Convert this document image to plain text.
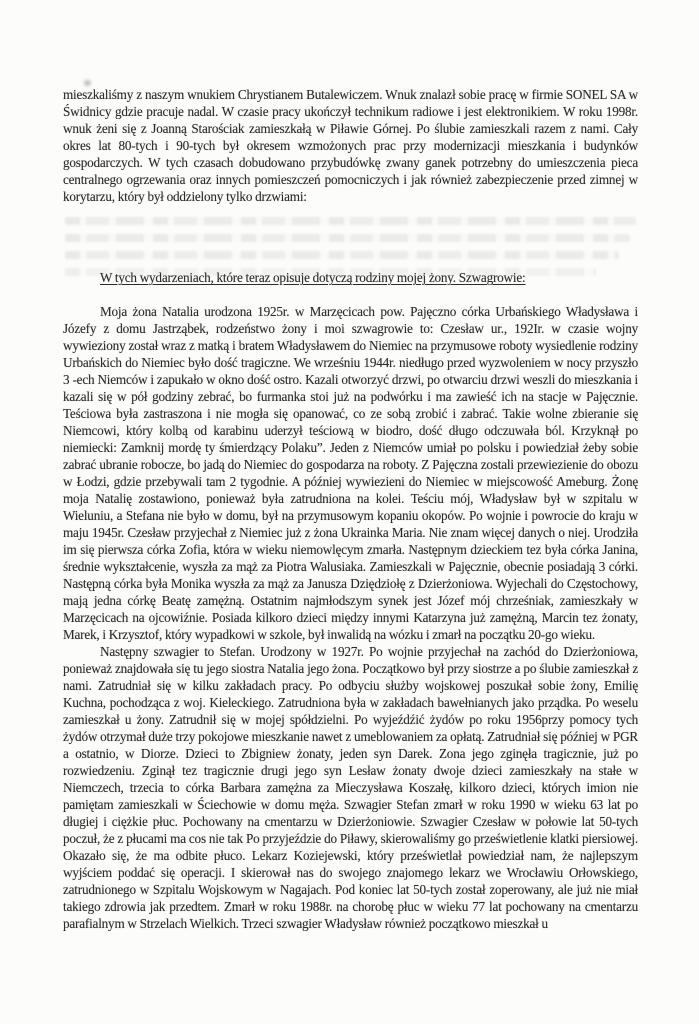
mieszkaliśmy z naszym wnukiem Chrystianem Butalewiczem. Wnuk znalazł sobie pracę w firmie SONEL SA w Świdnicy gdzie pracuje nadal. W czasie pracy ukończył technikum radiowe i jest elektronikiem. W roku 1998r. wnuk żeni się z Joanną Starościak zamieszkałą w Piławie Górnej. Po ślubie zamieszkali razem z nami. Cały okres lat 80-tych i 90-tych był okresem wzmożonych prac przy modernizacji mieszkania i budynków gospodarczych. W tych czasach dobudowano przybudówkę zwany ganek potrzebny do umieszczenia pieca centralnego ogrzewania oraz innych pomieszczeń pomocniczych i jak również zabezpieczenie przed zimnej w korytarzu, który był oddzielony tylko drzwiami:
W tych wydarzeniach, które teraz opisuje dotyczą rodziny mojej żony. Szwagrowie:

Moja żona Natalia urodzona 1925r. w Marzęcicach pow. Pajęczno córka Urbańskiego Władysława i Józefy z domu Jastrząbek, rodzeństwo żony i moi szwagrowie to: Czesław ur., 192Ir. w czasie wojny wywieziony został wraz z matką i bratem Władysławem do Niemiec na przymusowe roboty wysiedlenie rodziny Urbańskich do Niemiec było dość tragiczne. We wrześniu 1944r. niedługo przed wyzwoleniem w nocy przyszło 3 -ech Niemców i zapukało w okno dość ostro. Kazali otworzyć drzwi, po otwarciu drzwi weszli do mieszkania i kazali się w pół godziny zebrać, bo furmanka stoi już na podwórku i ma zawieść ich na stacje w Pajęcznie. Teściowa była zastraszona i nie mogła się opanować, co ze sobą zrobić i zabrać. Takie wolne zbieranie się Niemcowi, który kolbą od karabinu uderzył teściową w biodro, dość długo odczuwała ból. Krzyknął po niemiecki: Zamknij mordę ty śmierdzący Polaku”. Jeden z Niemców umiał po polsku i powiedział żeby sobie zabrać ubranie robocze, bo jadą do Niemiec do gospodarza na roboty. Z Pajęczna zostali przewiezienie do obozu w Łodzi, gdzie przebywali tam 2 tygodnie. A później wywiezieni do Niemiec w miejscowość Ameburg. Żonę moja Natalię zostawiono, ponieważ była zatrudniona na kolei. Teściu mój, Władysław był w szpitalu w Wieluniu, a Stefana nie było w domu, był na przymusowym kopaniu okopów. Po wojnie i powrocie do kraju w maju 1945r. Czesław przyjechał z Niemiec już z żona Ukrainka Maria. Nie znam więcej danych o niej. Urodziła im się pierwsza córka Zofia, która w wieku niemowlęcym zmarła. Następnym dzieckiem tez była córka Janina, średnie wykształcenie, wyszła za mąż za Piotra Walusiaka. Zamieszkali w Pajęcznie, obecnie posiadają 3 córki. Następną córka była Monika wyszła za mąż za Janusza Dziędziołę z Dzierżoniowa. Wyjechali do Częstochowy, mają jedna córkę Beatę zamężną. Ostatnim najmłodszym synek jest Józef mój chrześniak, zamieszkały w Marzęcicach na ojcowiźnie. Posiada kilkoro dzieci między innymi Katarzyna już zamężną, Marcin tez żonaty, Marek, i Krzysztof, który wypadkowi w szkole, był inwalidą na wózku i zmarł na początku 20-go wieku.

Następny szwagier to Stefan. Urodzony w 1927r. Po wojnie przyjechał na zachód do Dzierżoniowa, ponieważ znajdowała się tu jego siostra Natalia jego żona. Początkowo był przy siostrze a po ślubie zamieszkał z nami. Zatrudniał się w kilku zakładach pracy. Po odbyciu służby wojskowej poszukał sobie żony, Emilię Kuchna, pochodząca z woj. Kieleckiego. Zatrudniona była w zakładach bawełnianych jako prządka. Po weselu zamieszkał u żony. Zatrudnił się w mojej spółdzielni. Po wyjeźdźić żydów po roku 1956przy pomocy tych żydów otrzymał duże trzy pokojowe mieszkanie nawet z umeblowaniem za opłatą. Zatrudniał się później w PGR a ostatnio, w Diorze. Dzieci to Zbigniew żonaty, jeden syn Darek. Zona jego zginęła tragicznie, już po rozwiedzeniu. Zginął tez tragicznie drugi jego syn Lesław żonaty dwoje dzieci zamieszkały na stałe w Niemczech, trzecia to córka Barbara zamężna za Mieczysława Koszałę, kilkoro dzieci, których imion nie pamiętam zamieszkali w Ściechowie w domu męża. Szwagier Stefan zmarł w roku 1990 w wieku 63 lat po długiej i ciężkie płuc. Pochowany na cmentarzu w Dzierżoniowie. Szwagier Czesław w połowie lat 50-tych poczuł, że z płucami ma cos nie tak Po przyjeździe do Piławy, skierowaliśmy go prześwietlenie klatki piersiowej. Okazało się, że ma odbite płuco. Lekarz Koziejewski, który prześwietlał powiedział nam, że najlepszym wyjściem poddać się operacji. I skierował nas do swojego znajomego lekarz we Wrocławiu Orłowskiego, zatrudnionego w Szpitalu Wojskowym w Nagajach. Pod koniec lat 50-tych został zoperowany, ale już nie miał takiego zdrowia jak przedtem. Zmarł w roku 1988r. na chorobę płuc w wieku 77 lat pochowany na cmentarzu parafialnym w Strzelach Wielkich. Trzeci szwagier Władysław również początkowo mieszkał u
